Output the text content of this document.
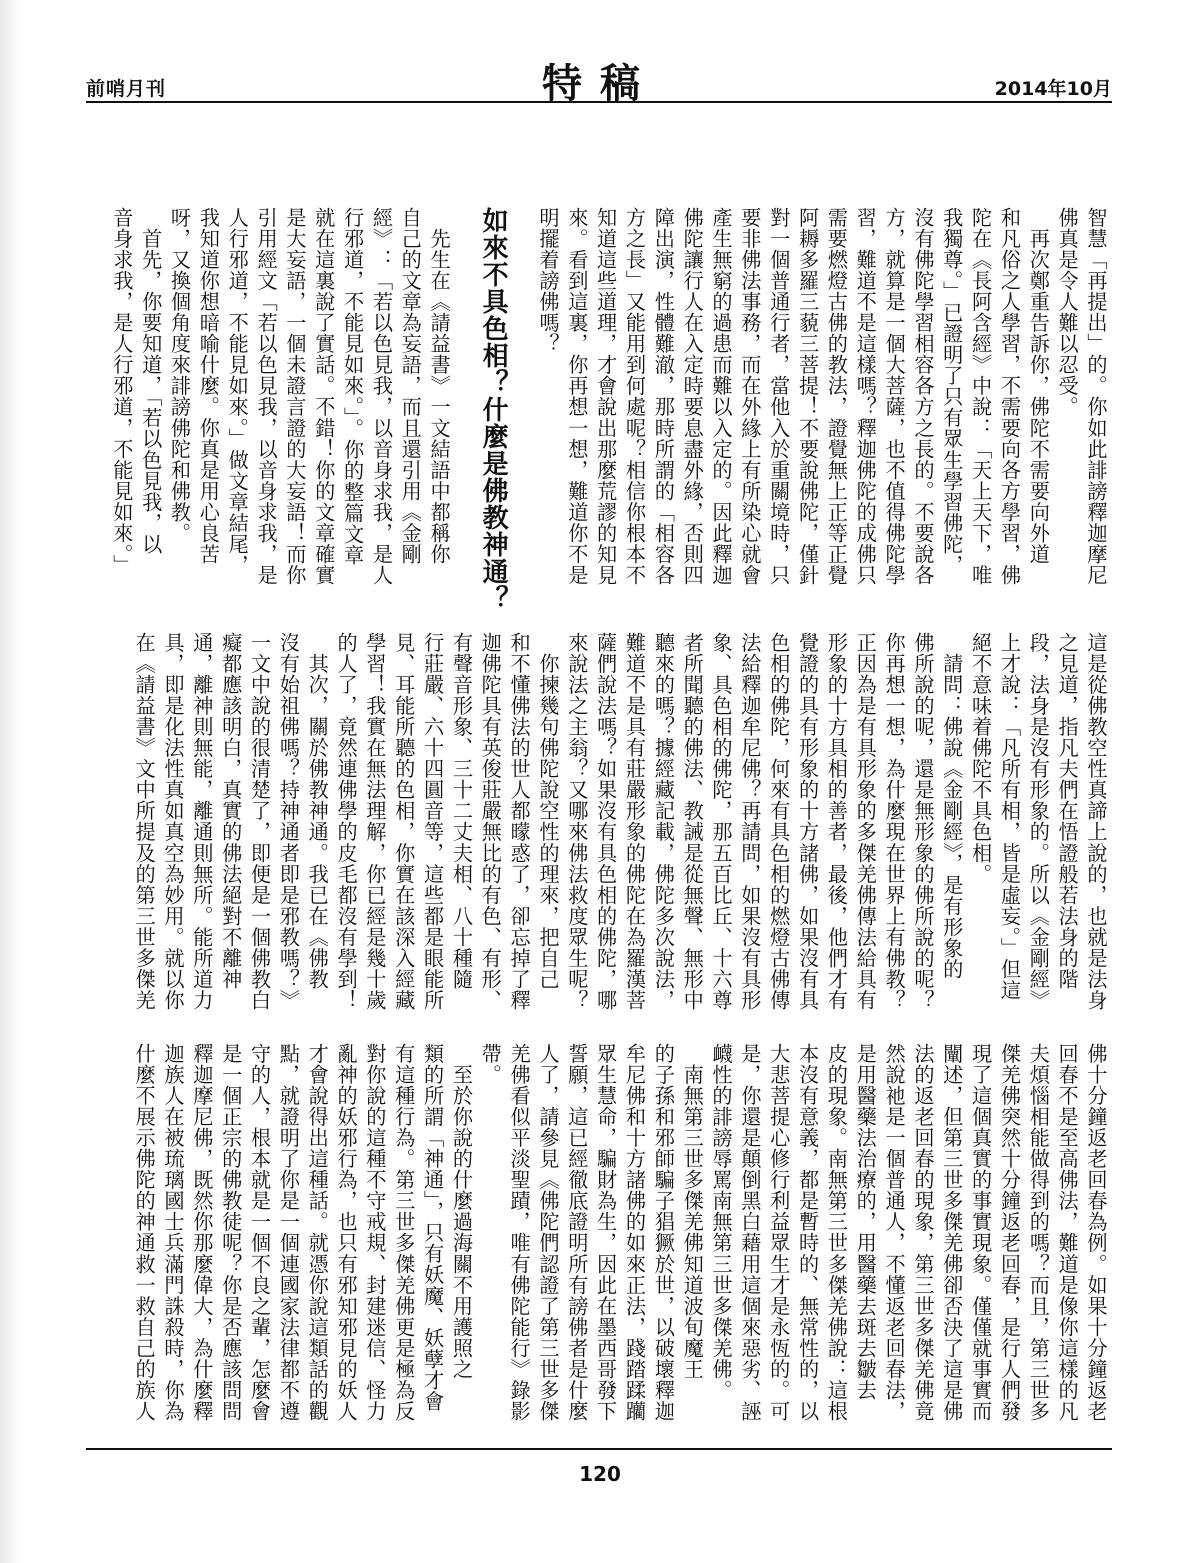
前哨月刊	特稿	2014年10月
智慧「再提出」的。你如此誹謗釋迦摩尼
佛真是令人難以忍受。
　再次鄭重告訴你，佛陀不需要向外道
和凡俗之人學習，不需要向各方學習，佛
陀在《長阿含經》中說：「天上天下，唯
我獨尊。」已證明了只有眾生學習佛陀，
沒有佛陀學習相容各方之長的。不要說各
方，就算是一個大菩薩，也不值得佛陀學
習，難道不是這樣嗎？釋迦佛陀的成佛只
需要燃燈古佛的教法，證覺無上正等正覺
阿耨多羅三藐三菩提！不要說佛陀，僅針
對一個普通行者，當他入於重關境時，只
要非佛法事務，而在外緣上有所染心就會
產生無窮的過患而難以入定的。因此釋迦
佛陀讓行人在入定時要息盡外緣，否則四
障出演，性體難澈，那時所謂的「相容各
方之長」又能用到何處呢？相信你根本不
知道這些道理，才會說出那麼荒謬的知見
來。看到這裏，你再想一想，難道你不是
明擺着謗佛嗎？

如來不具色相？什麼是佛教神通？

　先生在《請益書》一文結語中都稱你
自己的文章為妄語，而且還引用《金剛
經》：「若以色見我，以音身求我，是人
行邪道，不能見如來。」。你的整篇文章
就在這裏說了實話。不錯！你的文章確實
是大妄語，一個未證言證的大妄語！而你
引用經文「若以色見我，以音身求我，是
人行邪道，不能見如來。」做文章結尾，
我知道你想暗喻什麼。你真是用心良苦
呀，又換個角度來誹謗佛陀和佛教。
　首先，你要知道，「若以色見我，以
音身求我，是人行邪道，不能見如來。」
這是從佛教空性真諦上說的，也就是法身
之見道，指凡夫們在悟證般若法身的階
段，法身是沒有形象的。所以《金剛經》
上才說：「凡所有相，皆是虛妄。」但這
絕不意味着佛陀不具色相。
　請問：佛說《金剛經》，是有形象的
佛所說的呢，還是無形象的佛所說的呢？
你再想一想，為什麼現在世界上有佛教？
正因為是有具形象的多傑羌佛傳法給具有
形象的十方具相的善者，最後，他們才有
覺證的具有形象的十方諸佛，如果沒有具
色相的佛陀，何來有具色相的燃燈古佛傳
法給釋迦牟尼佛？再請問，如果沒有具形
象、具色相的佛陀，那五百比丘、十六尊
者所聞聽的佛法、教誡是從無聲、無形中
聽來的嗎？據經藏記載，佛陀多次說法，
難道不是具有莊嚴形象的佛陀在為羅漢菩
薩們說法嗎？如果沒有具色相的佛陀，哪
來說法之主翁？又哪來佛法救度眾生呢？
　你揀幾句佛陀說空性的理來，把自己
和不懂佛法的世人都曚惑了，卻忘掉了釋
迦佛陀具有英俊莊嚴無比的有色、有形、
有聲音形象、三十二丈夫相、八十種隨
行莊嚴、六十四圓音等，這些都是眼能所
見、耳能所聽的色相，你實在該深入經藏
學習！我實在無法理解，你已經是幾十歲
的人了，竟然連佛學的皮毛都沒有學到！
　其次，關於佛教神通。我已在《佛教
沒有始祖佛嗎？持神通者即是邪教嗎？》
一文中說的很清楚了，即便是一個佛教白
癡都應該明白，真實的佛法絕對不離神
通，離神則無能，離通則無所。能所道力
具，即是化法性真如真空為妙用。就以你
在《請益書》文中所提及的第三世多傑羌
佛十分鐘返老回春為例。如果十分鐘返老
回春不是至高佛法，難道是像你這樣的凡
夫煩惱相能做得到的嗎？而且，第三世多
傑羌佛突然十分鐘返老回春，是行人們發
現了這個真實的事實現象。僅僅就事實而
闡述，但第三世多傑羌佛卻否決了這是佛
法的返老回春的現象，第三世多傑羌佛竟
然說祂是一個普通人，不懂返老回春法，
是用醫藥法治療的，用醫藥去斑去皺去
皮的現象。南無第三世多傑羌佛說：這根
本沒有意義，都是暫時的、無常性的，以
大悲菩提心修行利益眾生才是永恆的。可
是，你還是顛倒黑白藉用這個來惡劣、誣
衊性的誹謗辱罵南無第三世多傑羌佛。
　南無第三世多傑羌佛知道波旬魔王
的子孫和邪師騙子猖獗於世，以破壞釋迦
牟尼佛和十方諸佛的如來正法，踐踏蹂躪
眾生慧命，騙財為生，因此在墨西哥發下
誓願，這已經徹底證明所有謗佛者是什麼
人了，請參見《佛陀們認證了第三世多傑
羌佛看似平淡聖蹟，唯有佛陀能行》錄影
帶。
　至於你說的什麼過海關不用護照之
類的所謂「神通」，只有妖魔、妖孽才會
有這種行為。第三世多傑羌佛更是極為反
對你說的這種不守戒規、封建迷信、怪力
亂神的妖邪行為，也只有邪知邪見的妖人
才會說得出這種話。就憑你說這類話的觀
點，就證明了你是一個連國家法律都不遵
守的人，根本就是一個不良之輩，怎麼會
是一個正宗的佛教徒呢？你是否應該問問
釋迦摩尼佛，既然你那麼偉大，為什麼釋
迦族人在被琉璃國士兵滿門誅殺時，你為
什麼不展示佛陀的神通救一救自己的族人
120
